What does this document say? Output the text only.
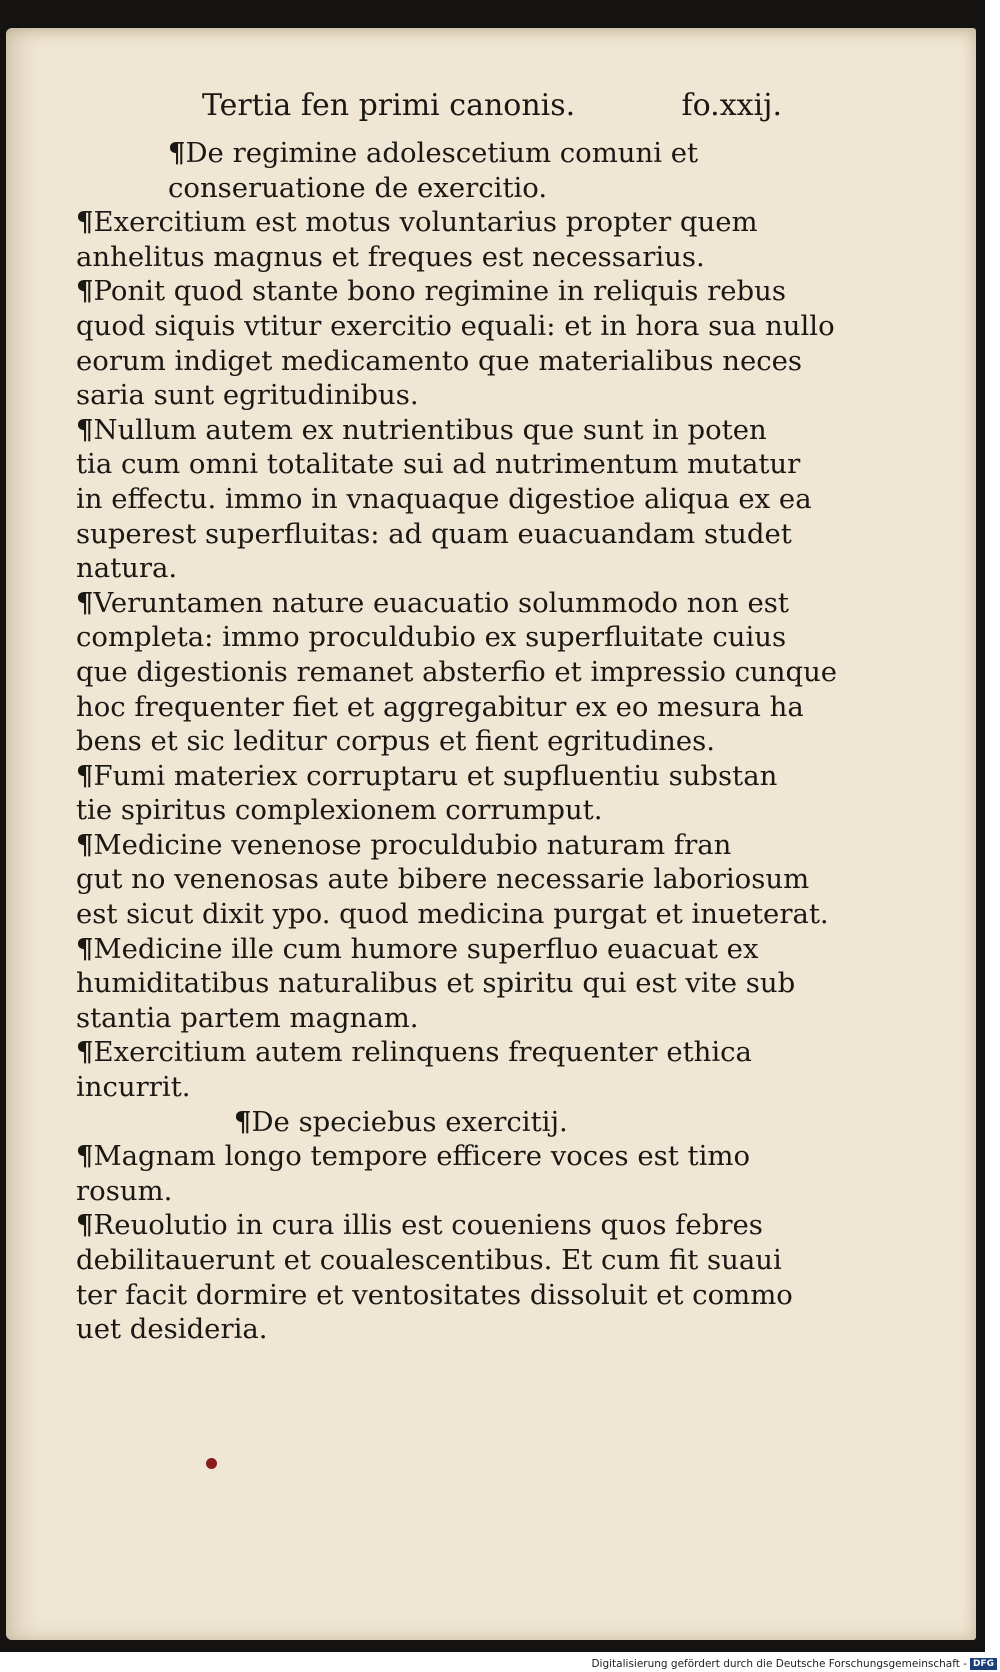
Tertia fen primi canonis.	fo.xxij.
¶De regimine adolescetium comuni et
conseruatione de exercitio.
¶Exercitium est motus voluntarius propter quem
anhelitus magnus et freques est necessarius.
¶Ponit quod stante bono regimine in reliquis rebus
quod siquis vtitur exercitio equali: et in hora sua nullo
eorum indiget medicamento que materialibus neces
saria sunt egritudinibus.
¶Nullum autem ex nutrientibus que sunt in poten
tia cum omni totalitate sui ad nutrimentum mutatur
in effectu. immo in vnaquaque digestioe aliqua ex ea
superest superfluitas: ad quam euacuandam studet
natura.
¶Veruntamen nature euacuatio solummodo non est
completa: immo proculdubio ex superfluitate cuius
que digestionis remanet absterfio et impressio cunque
hoc frequenter fiet et aggregabitur ex eo mesura ha
bens et sic leditur corpus et fient egritudines.
¶Fumi materiex corruptaru et supfluentiu substan
tie spiritus complexionem corrumput.
¶Medicine venenose proculdubio naturam fran
gut no venenosas aute bibere necessarie laboriosum
est sicut dixit ypo. quod medicina purgat et inueterat.
¶Medicine ille cum humore superfluo euacuat ex
humiditatibus naturalibus et spiritu qui est vite sub
stantia partem magnam.
¶Exercitium autem relinquens frequenter ethica
incurrit.
¶De speciebus exercitij.
¶Magnam longo tempore efficere voces est timo
rosum.
¶Reuolutio in cura illis est coueniens quos febres
debilitauerunt et coualescentibus. Et cum fit suaui
ter facit dormire et ventositates dissoluit et commo
uet desideria.
Digitalisierung gefördert durch die Deutsche Forschungsgemeinschaft - DFG
